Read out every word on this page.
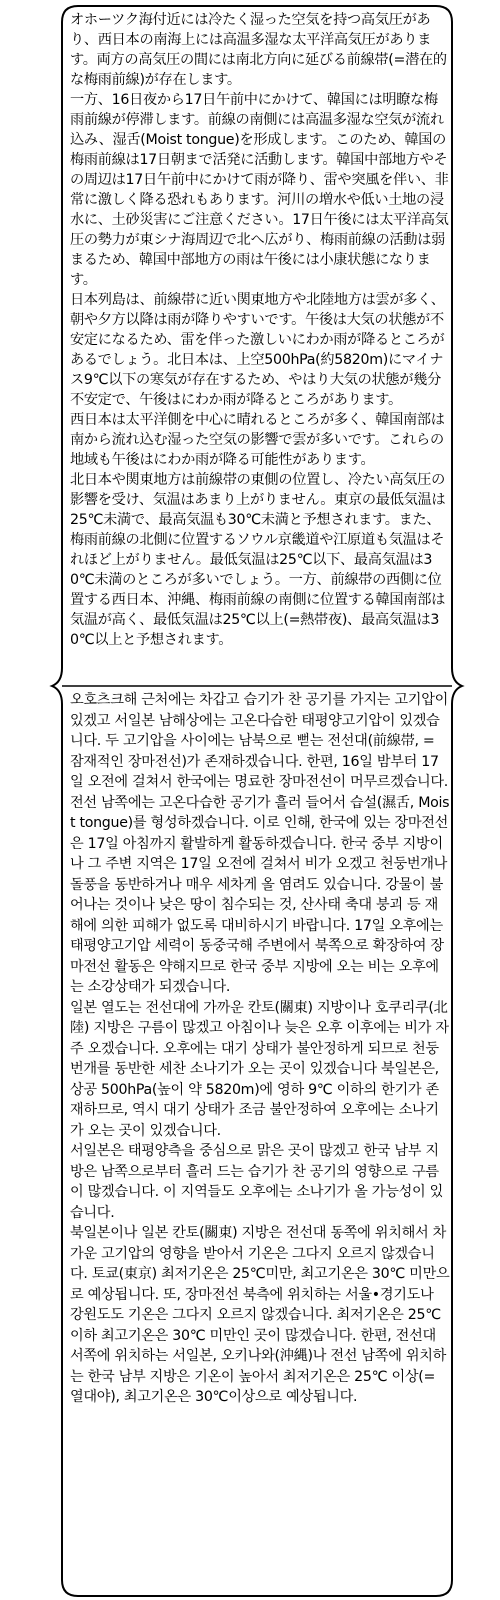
オホーツク海付近には冷たく湿った空気を持つ高気圧があり、西日本の南海上には高温多湿な太平洋高気圧があります。両方の高気圧の間には南北方向に延びる前線帯(=潜在的な梅雨前線)が存在します。

一方、16日夜から17日午前中にかけて、韓国には明瞭な梅雨前線が停滞します。前線の南側には高温多湿な空気が流れ込み、湿舌(Moist tongue)を形成します。このため、韓国の梅雨前線は17日朝まで活発に活動します。韓国中部地方やその周辺は17日午前中にかけて雨が降り、雷や突風を伴い、非常に激しく降る恐れもあります。河川の増水や低い土地の浸水に、土砂災害にご注意ください。17日午後には太平洋高気圧の勢力が東シナ海周辺で北へ広がり、梅雨前線の活動は弱まるため、韓国中部地方の雨は午後には小康状態になります。

日本列島は、前線帯に近い関東地方や北陸地方は雲が多く、朝や夕方以降は雨が降りやすいです。午後は大気の状態が不安定になるため、雷を伴った激しいにわか雨が降るところがあるでしょう。北日本は、上空500hPa(約5820m)にマイナス9℃以下の寒気が存在するため、やはり大気の状態が幾分不安定で、午後はにわか雨が降るところがあります。

西日本は太平洋側を中心に晴れるところが多く、韓国南部は南から流れ込む湿った空気の影響で雲が多いです。これらの地域も午後はにわか雨が降る可能性があります。

北日本や関東地方は前線帯の東側の位置し、冷たい高気圧の影響を受け、気温はあまり上がりません。東京の最低気温は25℃未満で、最高気温も30℃未満と予想されます。また、梅雨前線の北側に位置するソウル京畿道や江原道も気温はそれほど上がりません。最低気温は25℃以下、最高気温は30℃未満のところが多いでしょう。一方、前線帯の西側に位置する西日本、沖縄、梅雨前線の南側に位置する韓国南部は気温が高く、最低気温は25℃以上(=熱帯夜)、最高気温は30℃以上と予想されます。

오호츠크해 근처에는 차갑고 습기가 찬 공기를 가지는 고기압이 있겠고 서일본 남해상에는 고온다습한 태평양고기압이 있겠습니다. 두 고기압을 사이에는 남북으로 뻗는 전선대(前線帯, = 잠재적인 장마전선)가 존재하겠습니다. 한편, 16일 밤부터 17일 오전에 걸쳐서 한국에는 명료한 장마전선이 머무르겠습니다. 전선 남쪽에는 고온다습한 공기가 흘러 들어서 습설(濕舌, Moist tongue)를 형성하겠습니다. 이로 인해, 한국에 있는 장마전선은 17일 아침까지 활발하게 활동하겠습니다. 한국 중부 지방이나 그 주변 지역은 17일 오전에 걸쳐서 비가 오겠고 천둥번개나 돌풍을 동반하거나 매우 세차게 올 염려도 있습니다. 강물이 불어나는 것이나 낮은 땅이 침수되는 것, 산사태 축대 붕괴 등 재해에 의한 피해가 없도록 대비하시기 바랍니다. 17일 오후에는 태평양고기압 세력이 동중국해 주변에서 북쪽으로 확장하여 장마전선 활동은 약해지므로 한국 중부 지방에 오는 비는 오후에는 소강상태가 되겠습니다.

일본 열도는 전선대에 가까운 칸토(關東) 지방이나 호쿠리쿠(北陸) 지방은 구름이 많겠고 아침이나 늦은 오후 이후에는 비가 자주 오겠습니다. 오후에는 대기 상태가 불안정하게 되므로 천둥번개를 동반한 세찬 소나기가 오는 곳이 있겠습니다 북일본은, 상공 500hPa(높이 약 5820m)에 영하 9℃ 이하의 한기가 존재하므로, 역시 대기 상태가 조금 불안정하여 오후에는 소나기가 오는 곳이 있겠습니다.

서일본은 태평양측을 중심으로 맑은 곳이 많겠고 한국 남부 지방은 남쪽으로부터 흘러 드는 습기가 찬 공기의 영향으로 구름이 많겠습니다. 이 지역들도 오후에는 소나기가 올 가능성이 있습니다.

북일본이나 일본 칸토(關東) 지방은 전선대 동쪽에 위치해서 차가운 고기압의 영향을 받아서 기온은 그다지 오르지 않겠습니다. 토쿄(東京) 최저기온은 25℃미만, 최고기온은 30℃ 미만으로 예상됩니다. 또, 장마전선 북측에 위치하는 서울•경기도나 강원도도 기온은 그다지 오르지 않겠습니다. 최저기온은 25℃이하 최고기온은 30℃ 미만인 곳이 많겠습니다. 한편, 전선대 서쪽에 위치하는 서일본, 오키나와(沖縄)나 전선 남쪽에 위치하는 한국 남부 지방은 기온이 높아서 최저기온은 25℃ 이상(= 열대야), 최고기온은 30℃이상으로 예상됩니다.
